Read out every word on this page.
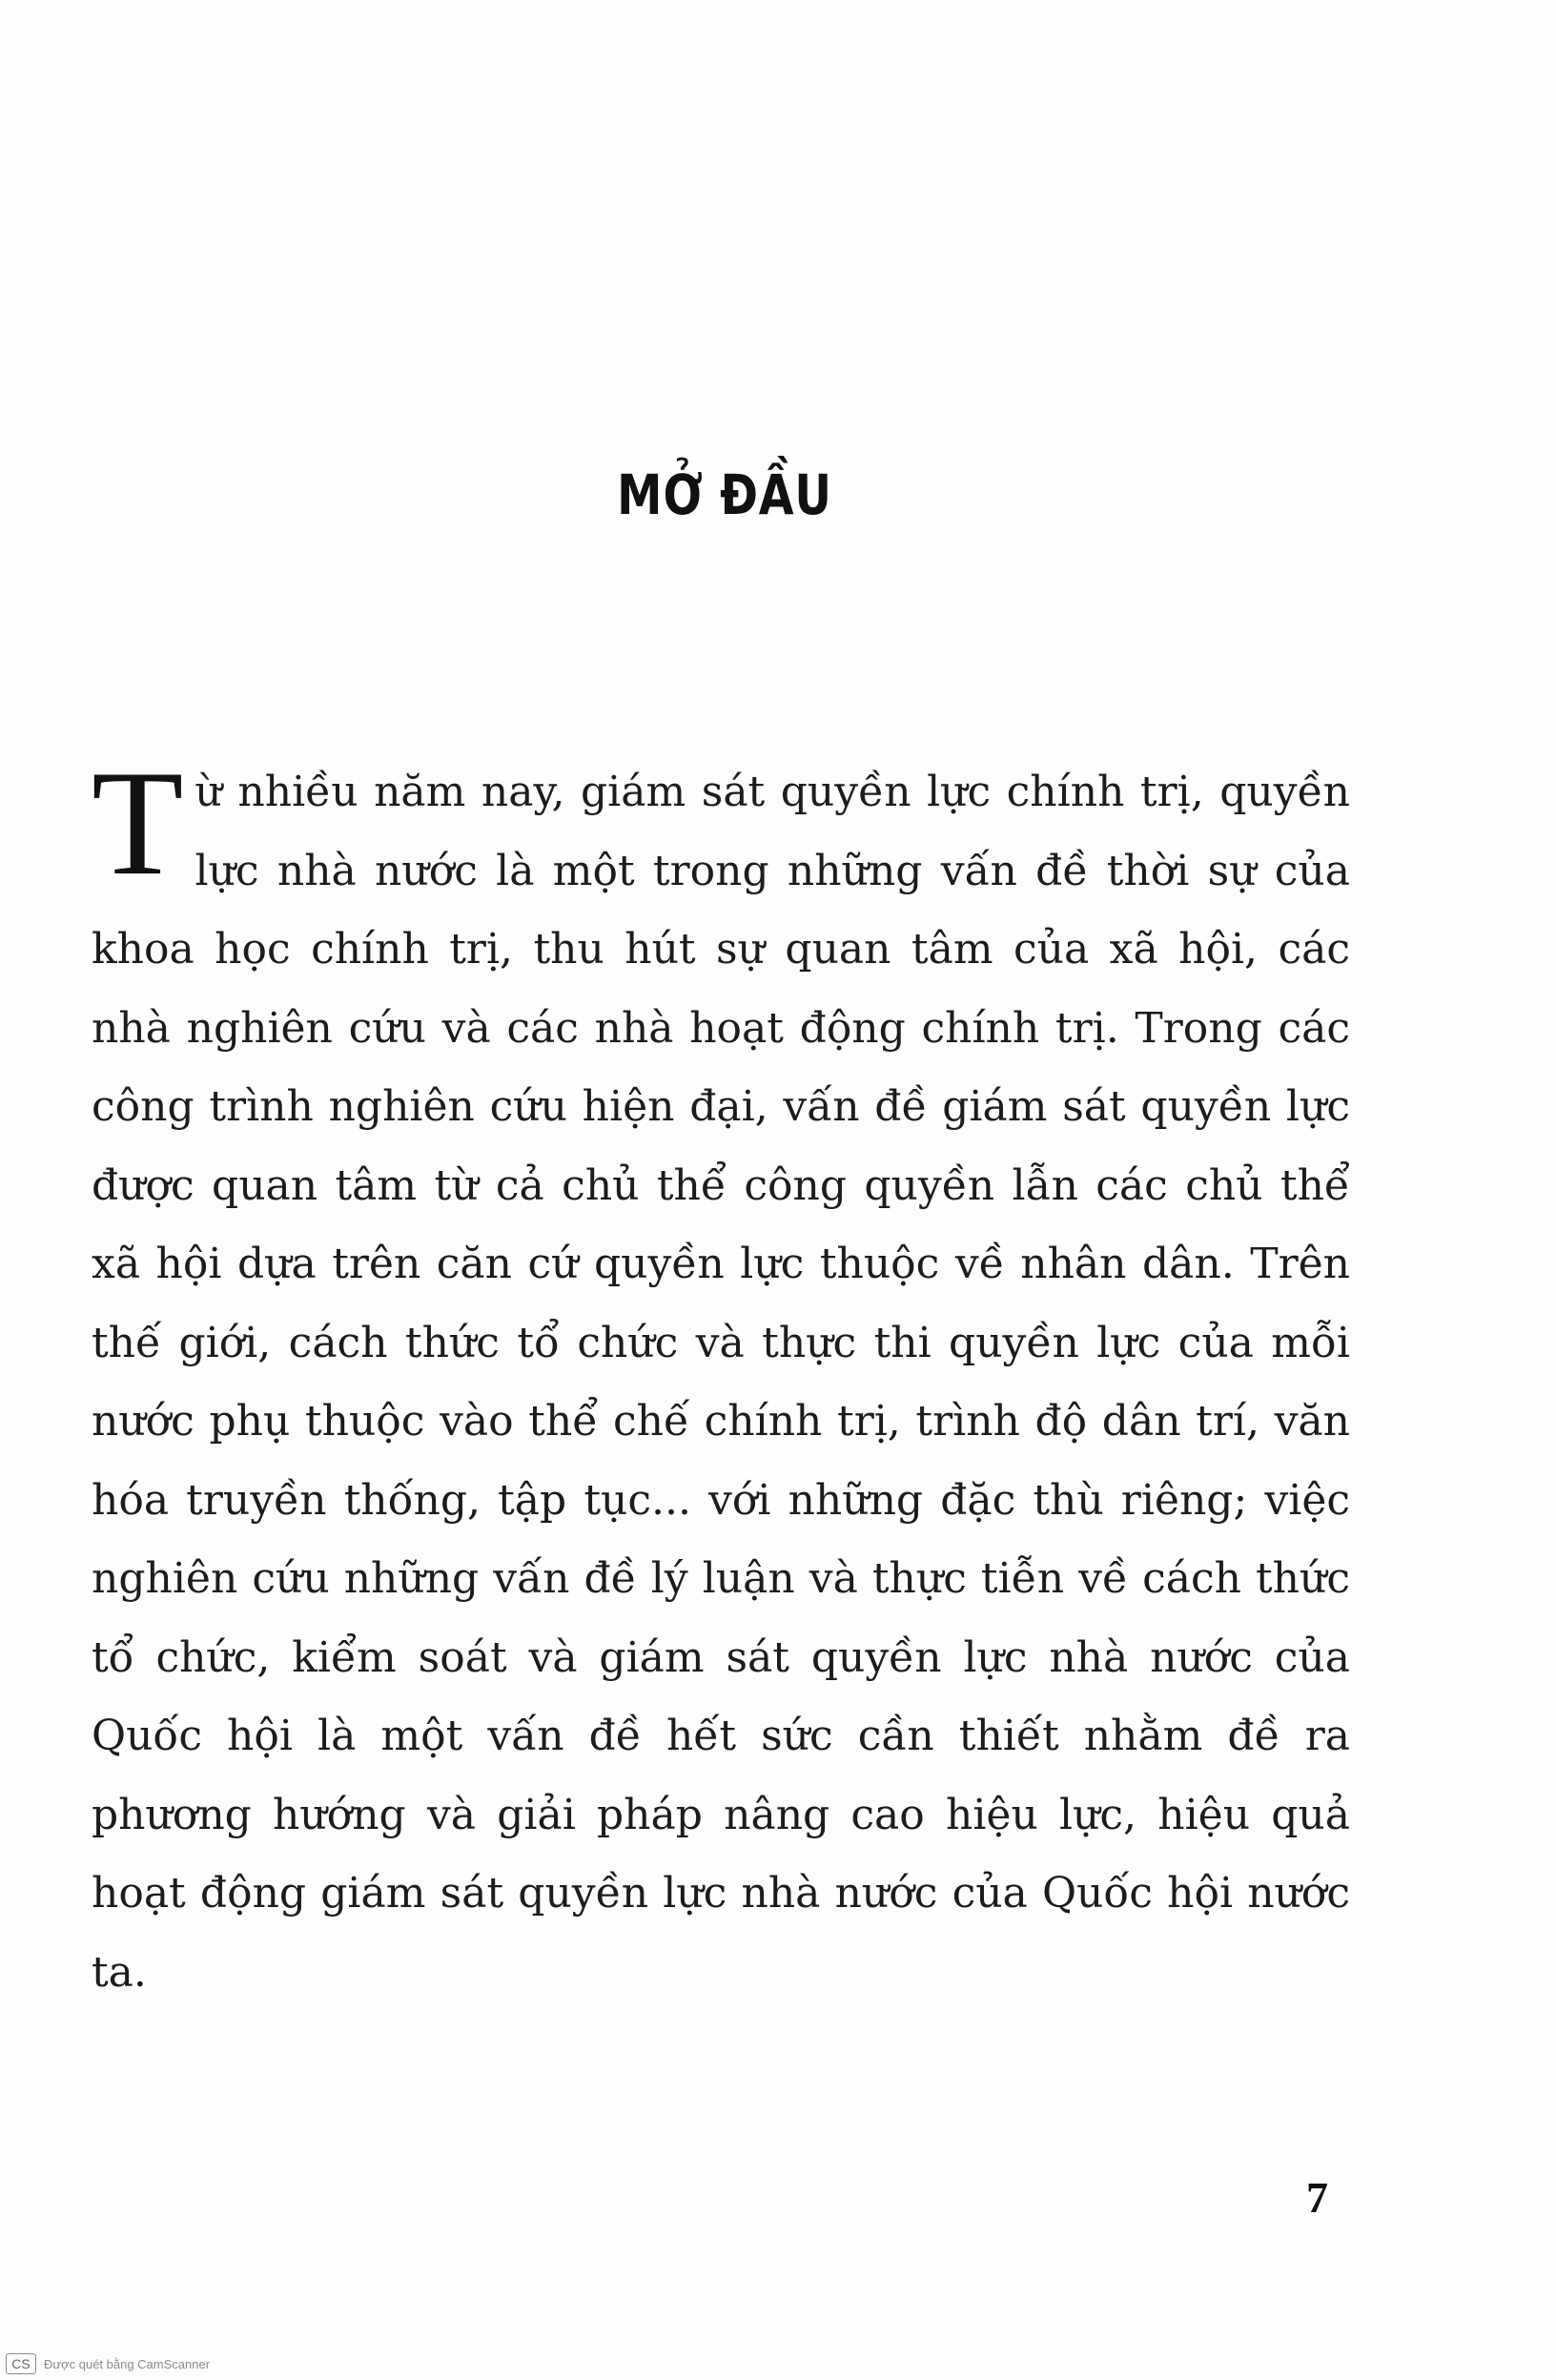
MỞ ĐẦU

Từ nhiều năm nay, giám sát quyền lực chính trị, quyền lực nhà nước là một trong những vấn đề thời sự của khoa học chính trị, thu hút sự quan tâm của xã hội, các nhà nghiên cứu và các nhà hoạt động chính trị. Trong các công trình nghiên cứu hiện đại, vấn đề giám sát quyền lực được quan tâm từ cả chủ thể công quyền lẫn các chủ thể xã hội dựa trên căn cứ quyền lực thuộc về nhân dân. Trên thế giới, cách thức tổ chức và thực thi quyền lực của mỗi nước phụ thuộc vào thể chế chính trị, trình độ dân trí, văn hóa truyền thống, tập tục... với những đặc thù riêng; việc nghiên cứu những vấn đề lý luận và thực tiễn về cách thức tổ chức, kiểm soát và giám sát quyền lực nhà nước của Quốc hội là một vấn đề hết sức cần thiết nhằm đề ra phương hướng và giải pháp nâng cao hiệu lực, hiệu quả hoạt động giám sát quyền lực nhà nước của Quốc hội nước ta.

7
CS	Được quét bằng CamScanner
